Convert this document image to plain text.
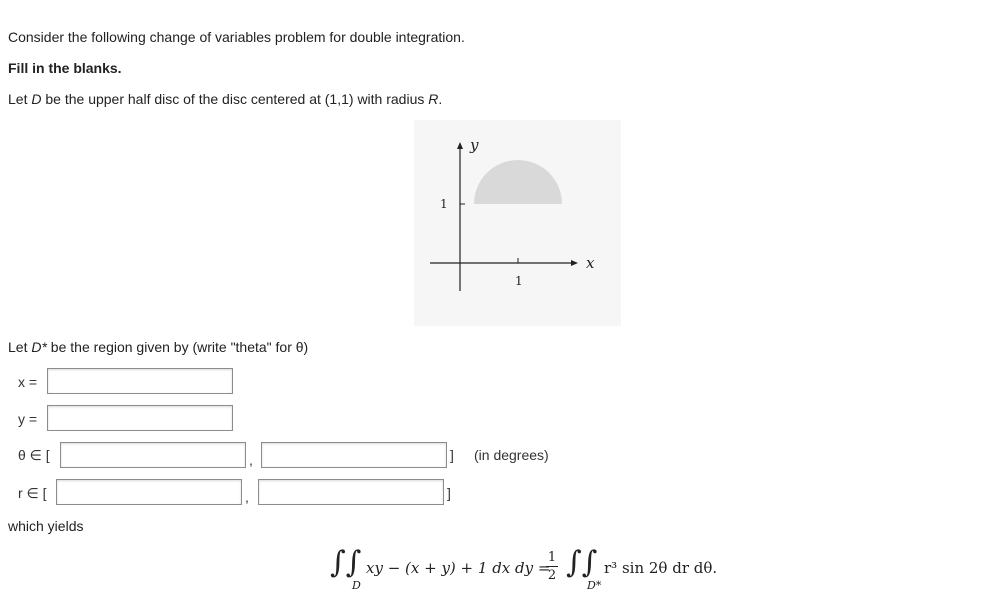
Consider the following change of variables problem for double integration.
Fill in the blanks.
Let D be the upper half disc of the disc centered at (1,1) with radius R.
y
x
1
1
Let D* be the region given by (write "theta" for θ)
x =
y =
θ ∈ [	,	] (in degrees)
r ∈ [	,	]
which yields
∫∫
D
xy − (x + y) + 1 dx dy =
1
2 ∫∫
D*
r³ sin 2θ dr dθ.
